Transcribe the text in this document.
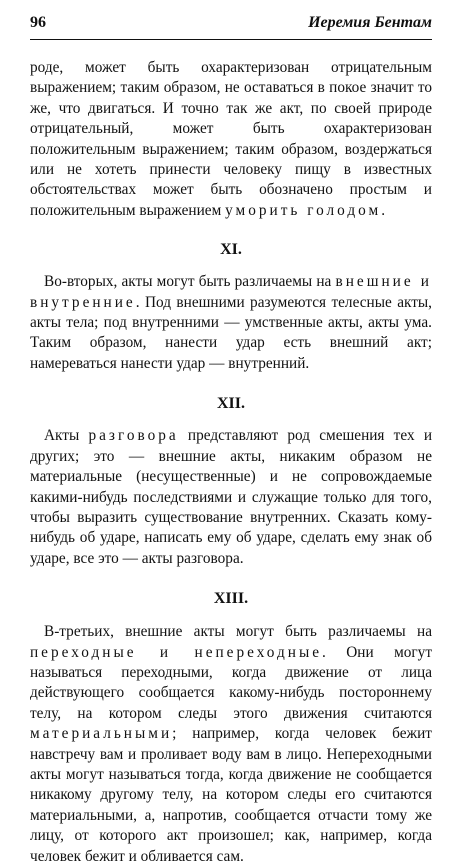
96	Иеремия Бентам

роде, может быть охарактеризован отрицательным выражением; таким образом, не оставаться в покое значит то же, что двигаться. И точно так же акт, по своей природе отрицательный, может быть охарактеризован положительным выражением; таким образом, воздержаться или не хотеть принести человеку пищу в известных обстоятельствах может быть обозначено простым и положительным выражением уморить голодом.

XI.

Во-вторых, акты могут быть различаемы на внешние и внутренние. Под внешними разумеются телесные акты, акты тела; под внутренними — умственные акты, акты ума. Таким образом, нанести удар есть внешний акт; намереваться нанести удар — внутренний.

XII.

Акты разговора представляют род смешения тех и других; это — внешние акты, никаким образом не материальные (несущественные) и не сопровождаемые какими-нибудь последствиями и служащие только для того, чтобы выразить существование внутренних. Сказать кому-нибудь об ударе, написать ему об ударе, сделать ему знак об ударе, все это — акты разговора.

XIII.

В-третьих, внешние акты могут быть различаемы на переходные и непереходные. Они могут называться переходными, когда движение от лица действующего сообщается какому-нибудь постороннему телу, на котором следы этого движения считаются материальными; например, когда человек бежит навстречу вам и проливает воду вам в лицо. Непереходными акты могут называться тогда, когда движение не сообщается никакому другому телу, на котором следы его считаются материальными, а, напротив, сообщается отчасти тому же лицу, от которого акт произошел; как, например, когда человек бежит и обливается сам.
